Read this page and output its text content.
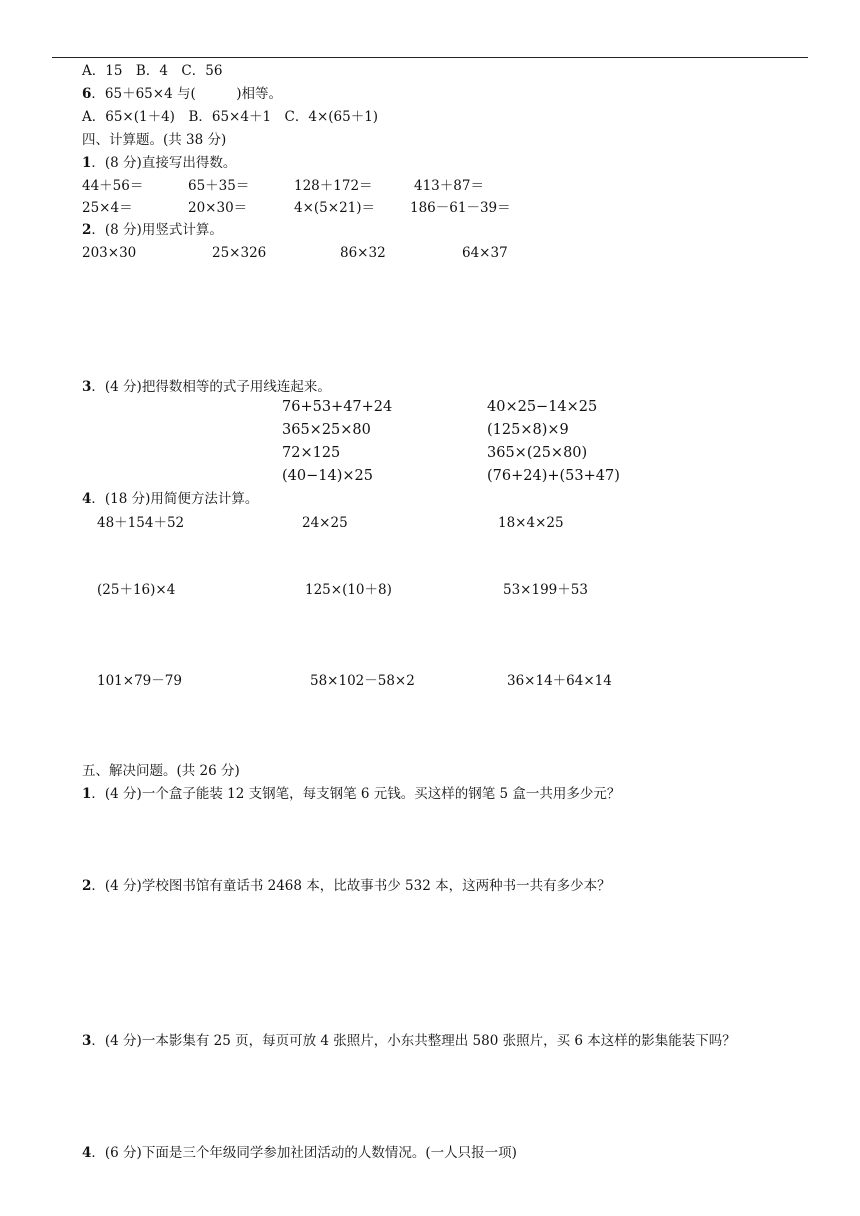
A．15　B．4　C．56
6．65＋65×4 与(　　　)相等。
A．65×(1＋4)　B．65×4＋1　C．4×(65＋1)
四、计算题。(共 38 分)
1．(8 分)直接写出得数。
44＋56＝	65＋35＝	128＋172＝	413＋87＝
25×4＝	20×30＝	4×(5×21)＝	186－61－39＝
2．(8 分)用竖式计算。
203×30	25×326	86×32	64×37
3．(4 分)把得数相等的式子用线连起来。
76+53+47+24
365×25×80
72×125
(40−14)×25
40×25−14×25
(125×8)×9
365×(25×80)
(76+24)+(53+47)
4．(18 分)用简便方法计算。
48＋154＋52	24×25	18×4×25
(25＋16)×4	125×(10＋8)	53×199＋53
101×79－79	58×102－58×2	36×14＋64×14
五、解决问题。(共 26 分)
1．(4 分)一个盒子能装 12 支钢笔，每支钢笔 6 元钱。买这样的钢笔 5 盒一共用多少元？
2．(4 分)学校图书馆有童话书 2468 本，比故事书少 532 本，这两种书一共有多少本？
3．(4 分)一本影集有 25 页，每页可放 4 张照片，小东共整理出 580 张照片，买 6 本这样的影集能装下吗？
4．(6 分)下面是三个年级同学参加社团活动的人数情况。(一人只报一项)
